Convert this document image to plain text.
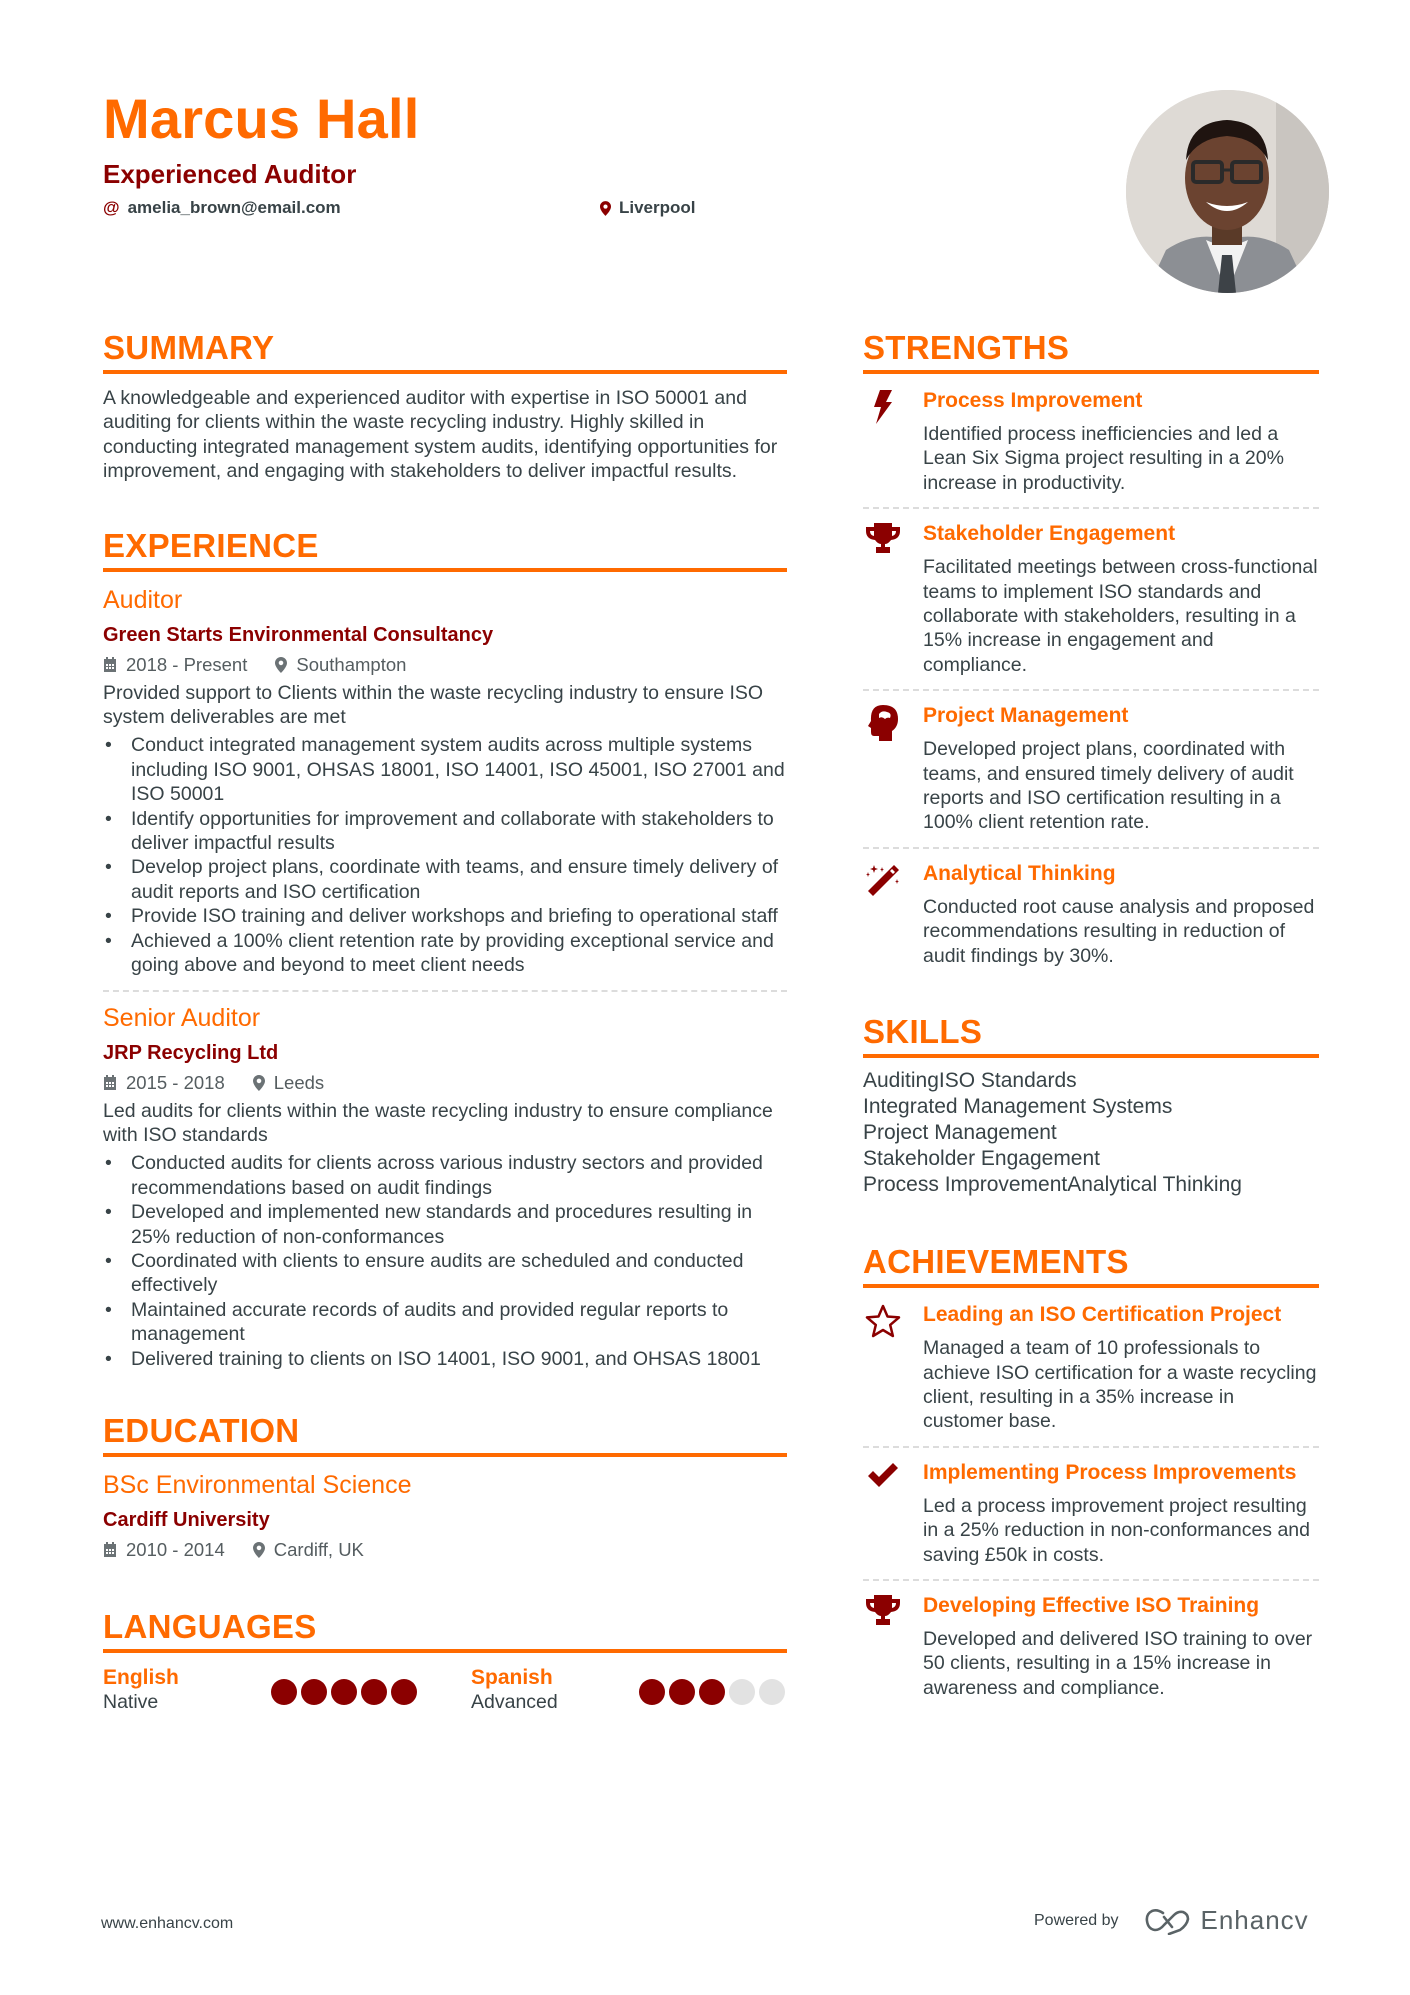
Marcus Hall
Experienced Auditor
@ amelia_brown@email.com	Liverpool
SUMMARY
A knowledgeable and experienced auditor with expertise in ISO 50001 and auditing for clients within the waste recycling industry. Highly skilled in conducting integrated management system audits, identifying opportunities for improvement, and engaging with stakeholders to deliver impactful results.
EXPERIENCE
Auditor
Green Starts Environmental Consultancy
2018 - Present	Southampton
Provided support to Clients within the waste recycling industry to ensure ISO system deliverables are met
• Conduct integrated management system audits across multiple systems including ISO 9001, OHSAS 18001, ISO 14001, ISO 45001, ISO 27001 and ISO 50001
• Identify opportunities for improvement and collaborate with stakeholders to deliver impactful results
• Develop project plans, coordinate with teams, and ensure timely delivery of audit reports and ISO certification
• Provide ISO training and deliver workshops and briefing to operational staff
• Achieved a 100% client retention rate by providing exceptional service and going above and beyond to meet client needs
Senior Auditor
JRP Recycling Ltd
2015 - 2018	Leeds
Led audits for clients within the waste recycling industry to ensure compliance with ISO standards
• Conducted audits for clients across various industry sectors and provided recommendations based on audit findings
• Developed and implemented new standards and procedures resulting in 25% reduction of non-conformances
• Coordinated with clients to ensure audits are scheduled and conducted effectively
• Maintained accurate records of audits and provided regular reports to management
• Delivered training to clients on ISO 14001, ISO 9001, and OHSAS 18001
EDUCATION
BSc Environmental Science
Cardiff University
2010 - 2014	Cardiff, UK
LANGUAGES
English
Native
Spanish
Advanced
STRENGTHS
Process Improvement
Identified process inefficiencies and led a Lean Six Sigma project resulting in a 20% increase in productivity.
Stakeholder Engagement
Facilitated meetings between cross-functional teams to implement ISO standards and collaborate with stakeholders, resulting in a 15% increase in engagement and compliance.
Project Management
Developed project plans, coordinated with teams, and ensured timely delivery of audit reports and ISO certification resulting in a 100% client retention rate.
Analytical Thinking
Conducted root cause analysis and proposed recommendations resulting in reduction of audit findings by 30%.
SKILLS
AuditingISO Standards
Integrated Management Systems
Project Management
Stakeholder Engagement
Process ImprovementAnalytical Thinking
ACHIEVEMENTS
Leading an ISO Certification Project
Managed a team of 10 professionals to achieve ISO certification for a waste recycling client, resulting in a 35% increase in customer base.
Implementing Process Improvements
Led a process improvement project resulting in a 25% reduction in non-conformances and saving £50k in costs.
Developing Effective ISO Training
Developed and delivered ISO training to over 50 clients, resulting in a 15% increase in awareness and compliance.
www.enhancv.com	Powered by	Enhancv
